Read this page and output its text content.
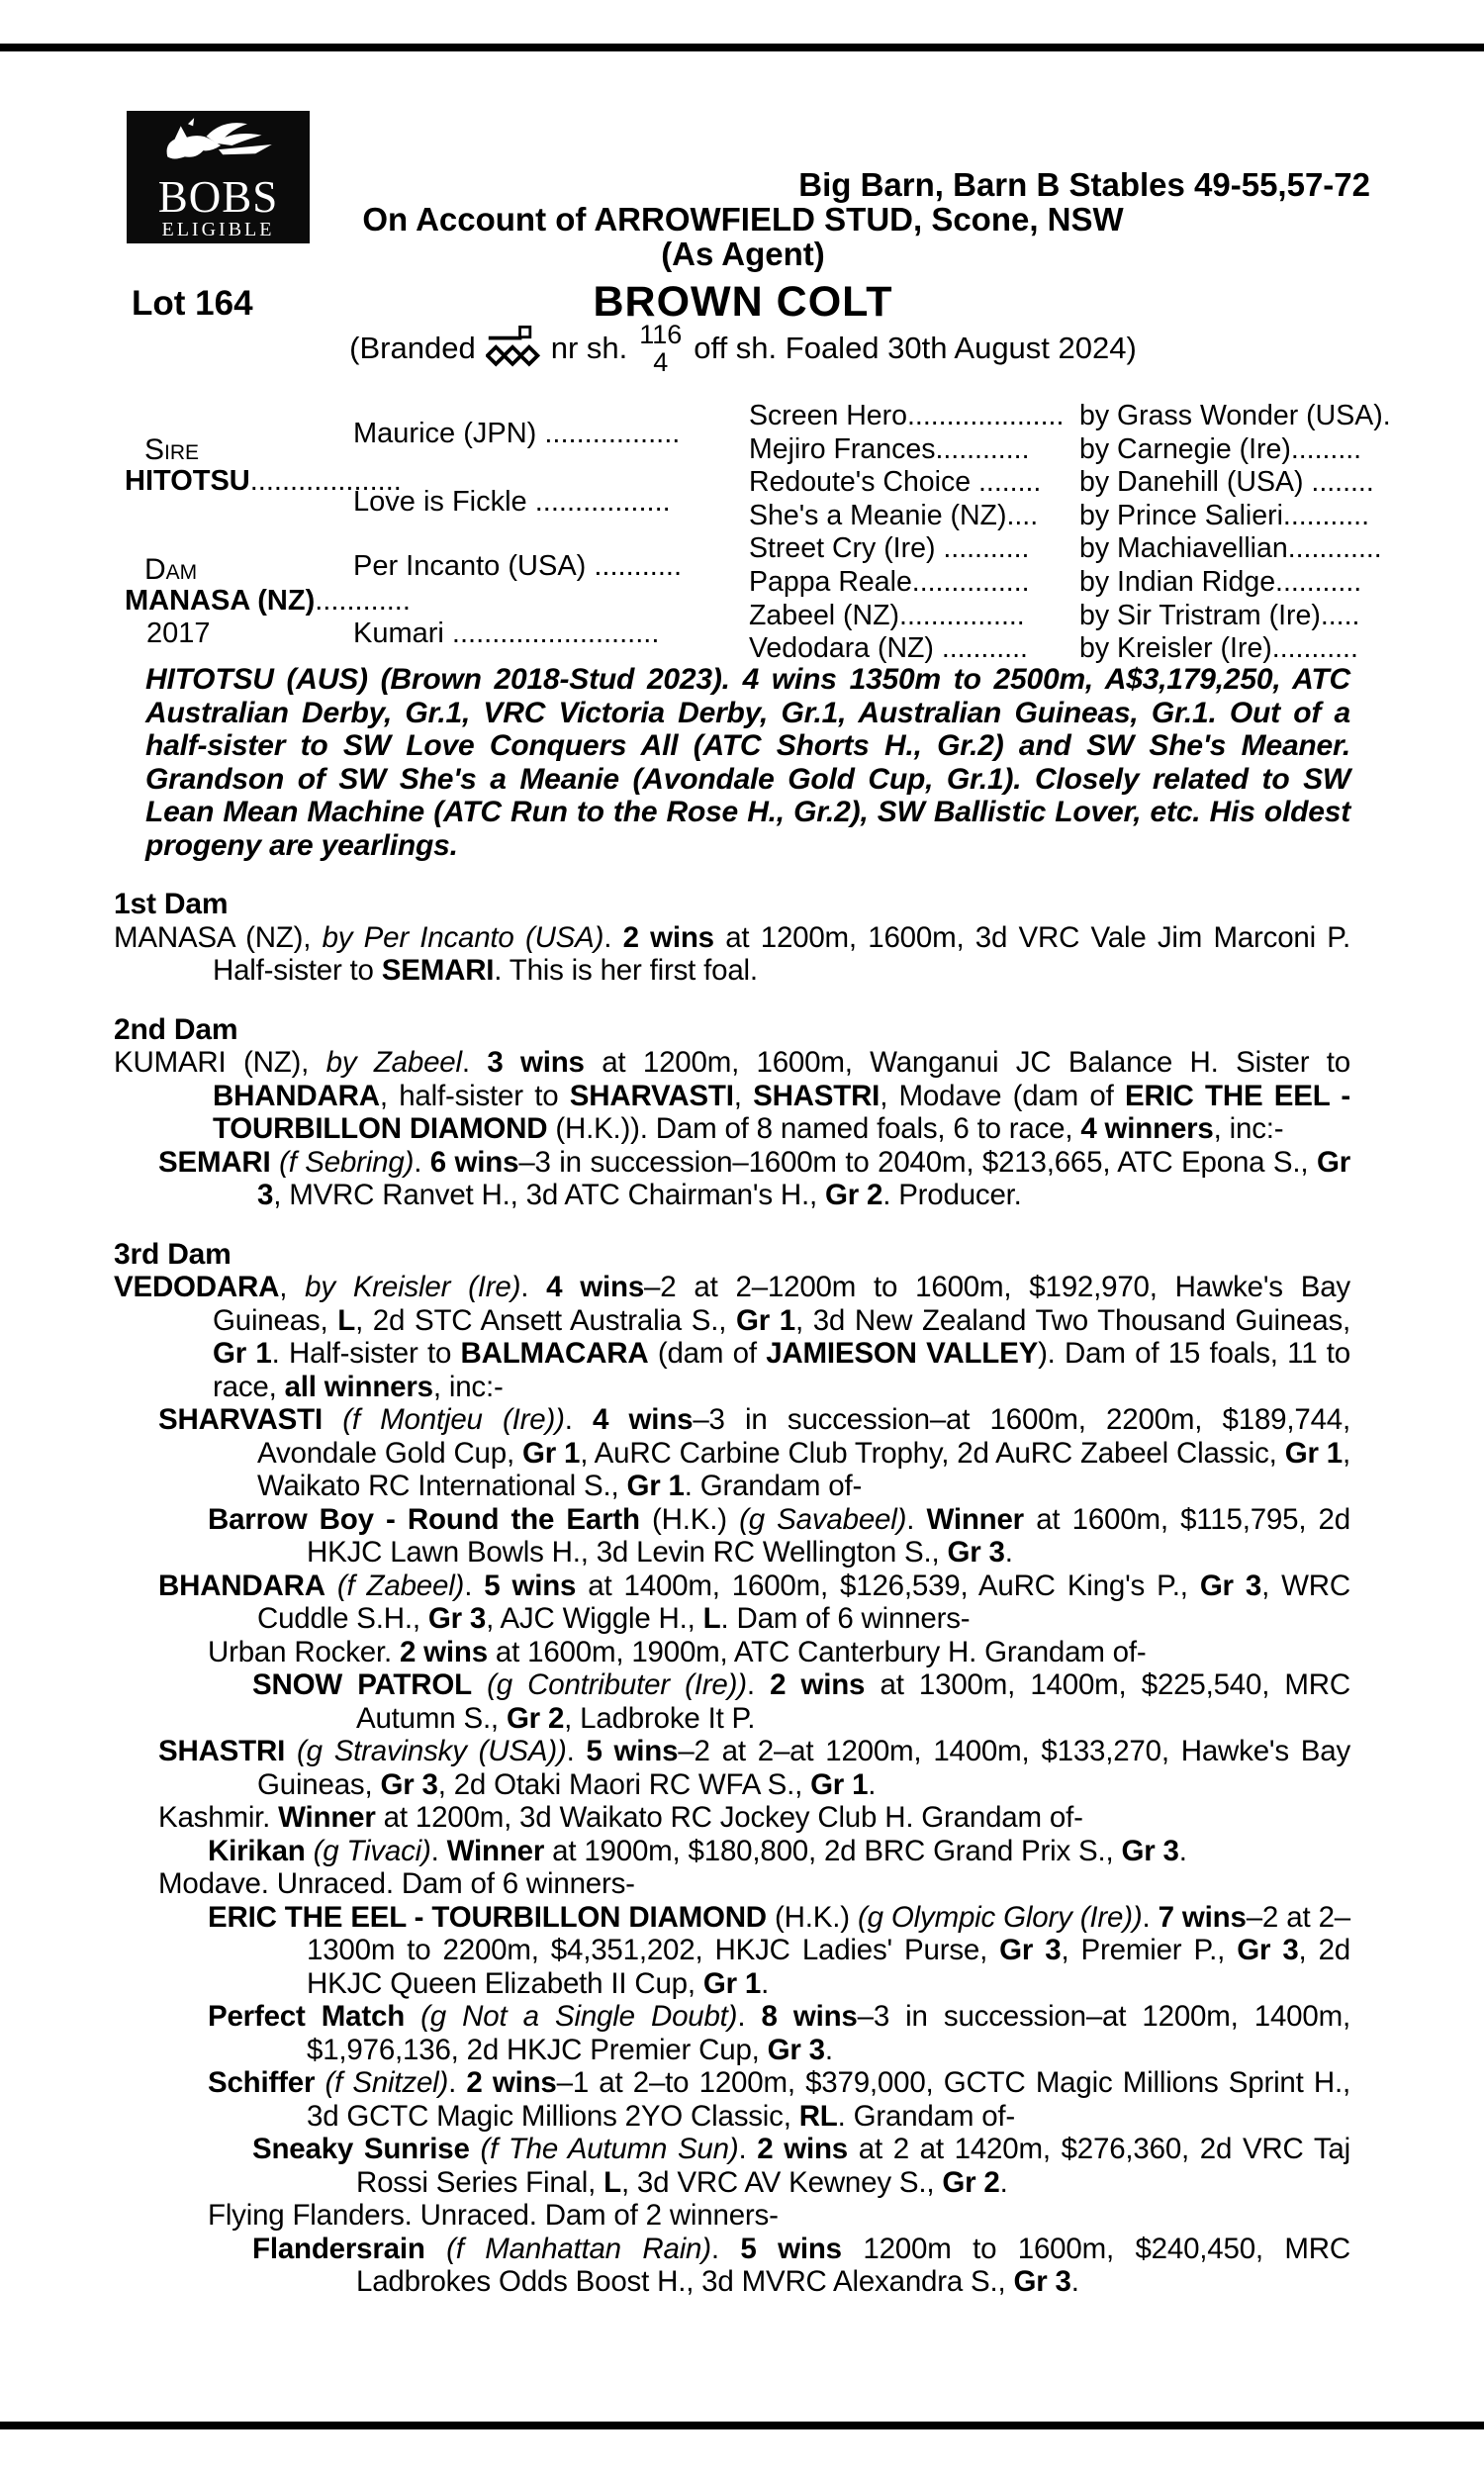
BOBS
ELIGIBLE
Big Barn, Barn B Stables 49-55,57-72
On Account of ARROWFIELD STUD, Scone, NSW
(As Agent)
Lot 164	BROWN COLT
(Branded nr sh. 116
4 off sh. Foaled 30th August 2024)
Sire
HITOTSU...................
Dam
MANASA (NZ)............
2017
Maurice (JPN) .................
Love is Fickle .................
Per Incanto (USA) ...........
Kumari ..........................
Screen Hero.................... by Grass Wonder (USA).
Mejiro Frances............ by Carnegie (Ire).........
Redoute's Choice ........ by Danehill (USA) ........
She's a Meanie (NZ).... by Prince Salieri...........
Street Cry (Ire) ........... by Machiavellian............
Pappa Reale............... by Indian Ridge...........
Zabeel (NZ)................ by Sir Tristram (Ire).....
Vedodara (NZ) ........... by Kreisler (Ire)...........

HITOTSU (AUS) (Brown 2018-Stud 2023). 4 wins 1350m to 2500m, A$3,179,250, ATC Australian Derby, Gr.1, VRC Victoria Derby, Gr.1, Australian Guineas, Gr.1. Out of a half-sister to SW Love Conquers All (ATC Shorts H., Gr.2) and SW She's Meaner. Grandson of SW She's a Meanie (Avondale Gold Cup, Gr.1). Closely related to SW Lean Mean Machine (ATC Run to the Rose H., Gr.2), SW Ballistic Lover, etc. His oldest progeny are yearlings.

1st Dam
MANASA (NZ), by Per Incanto (USA). 2 wins at 1200m, 1600m, 3d VRC Vale Jim Marconi P. Half-sister to SEMARI. This is her first foal.
2nd Dam
KUMARI (NZ), by Zabeel. 3 wins at 1200m, 1600m, Wanganui JC Balance H. Sister to BHANDARA, half-sister to SHARVASTI, SHASTRI, Modave (dam of ERIC THE EEL - TOURBILLON DIAMOND (H.K.)). Dam of 8 named foals, 6 to race, 4 winners, inc:-
SEMARI (f Sebring). 6 wins–3 in succession–1600m to 2040m, $213,665, ATC Epona S., Gr 3, MVRC Ranvet H., 3d ATC Chairman's H., Gr 2. Producer.
3rd Dam
VEDODARA, by Kreisler (Ire). 4 wins–2 at 2–1200m to 1600m, $192,970, Hawke's Bay Guineas, L, 2d STC Ansett Australia S., Gr 1, 3d New Zealand Two Thousand Guineas, Gr 1. Half-sister to BALMACARA (dam of JAMIESON VALLEY). Dam of 15 foals, 11 to race, all winners, inc:-
SHARVASTI (f Montjeu (Ire)). 4 wins–3 in succession–at 1600m, 2200m, $189,744, Avondale Gold Cup, Gr 1, AuRC Carbine Club Trophy, 2d AuRC Zabeel Classic, Gr 1, Waikato RC International S., Gr 1. Grandam of-
Barrow Boy - Round the Earth (H.K.) (g Savabeel). Winner at 1600m, $115,795, 2d HKJC Lawn Bowls H., 3d Levin RC Wellington S., Gr 3.
BHANDARA (f Zabeel). 5 wins at 1400m, 1600m, $126,539, AuRC King's P., Gr 3, WRC Cuddle S.H., Gr 3, AJC Wiggle H., L. Dam of 6 winners-
Urban Rocker. 2 wins at 1600m, 1900m, ATC Canterbury H. Grandam of-
SNOW PATROL (g Contributer (Ire)). 2 wins at 1300m, 1400m, $225,540, MRC Autumn S., Gr 2, Ladbroke It P.
SHASTRI (g Stravinsky (USA)). 5 wins–2 at 2–at 1200m, 1400m, $133,270, Hawke's Bay Guineas, Gr 3, 2d Otaki Maori RC WFA S., Gr 1.
Kashmir. Winner at 1200m, 3d Waikato RC Jockey Club H. Grandam of-
Kirikan (g Tivaci). Winner at 1900m, $180,800, 2d BRC Grand Prix S., Gr 3.
Modave. Unraced. Dam of 6 winners-
ERIC THE EEL - TOURBILLON DIAMOND (H.K.) (g Olympic Glory (Ire)). 7 wins–2 at 2–1300m to 2200m, $4,351,202, HKJC Ladies' Purse, Gr 3, Premier P., Gr 3, 2d HKJC Queen Elizabeth II Cup, Gr 1.
Perfect Match (g Not a Single Doubt). 8 wins–3 in succession–at 1200m, 1400m, $1,976,136, 2d HKJC Premier Cup, Gr 3.
Schiffer (f Snitzel). 2 wins–1 at 2–to 1200m, $379,000, GCTC Magic Millions Sprint H., 3d GCTC Magic Millions 2YO Classic, RL. Grandam of-
Sneaky Sunrise (f The Autumn Sun). 2 wins at 2 at 1420m, $276,360, 2d VRC Taj Rossi Series Final, L, 3d VRC AV Kewney S., Gr 2.
Flying Flanders. Unraced. Dam of 2 winners-
Flandersrain (f Manhattan Rain). 5 wins 1200m to 1600m, $240,450, MRC Ladbrokes Odds Boost H., 3d MVRC Alexandra S., Gr 3.
